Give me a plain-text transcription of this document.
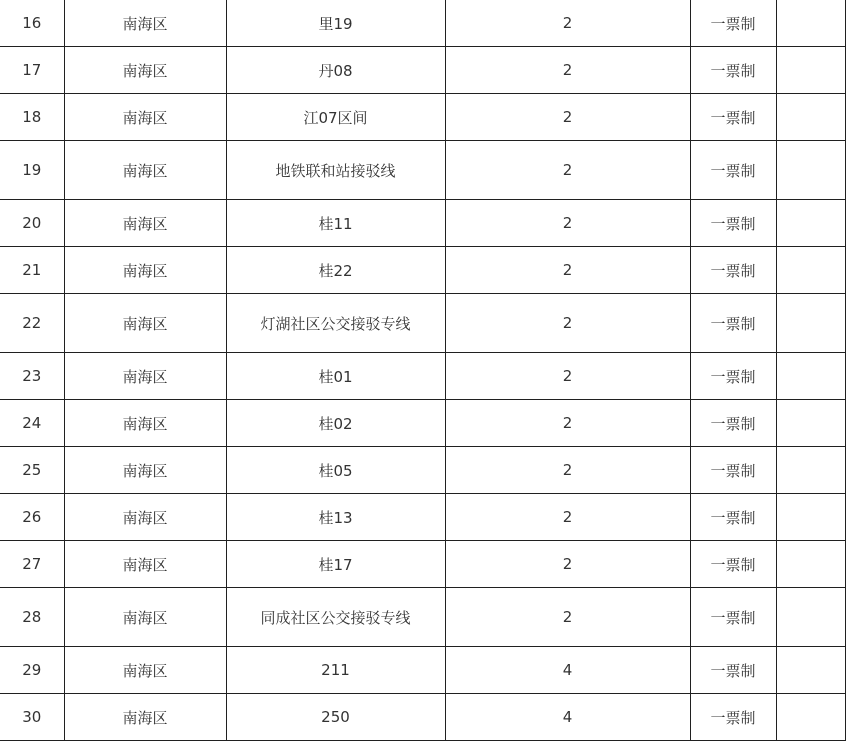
16	南海区	里19	2	一票制	
17	南海区	丹08	2	一票制	
18	南海区	江07区间	2	一票制	
19	南海区	地铁联和站接驳线	2	一票制	
20	南海区	桂11	2	一票制	
21	南海区	桂22	2	一票制	
22	南海区	灯湖社区公交接驳专线	2	一票制	
23	南海区	桂01	2	一票制	
24	南海区	桂02	2	一票制	
25	南海区	桂05	2	一票制	
26	南海区	桂13	2	一票制	
27	南海区	桂17	2	一票制	
28	南海区	同成社区公交接驳专线	2	一票制	
29	南海区	211	4	一票制	
30	南海区	250	4	一票制	
